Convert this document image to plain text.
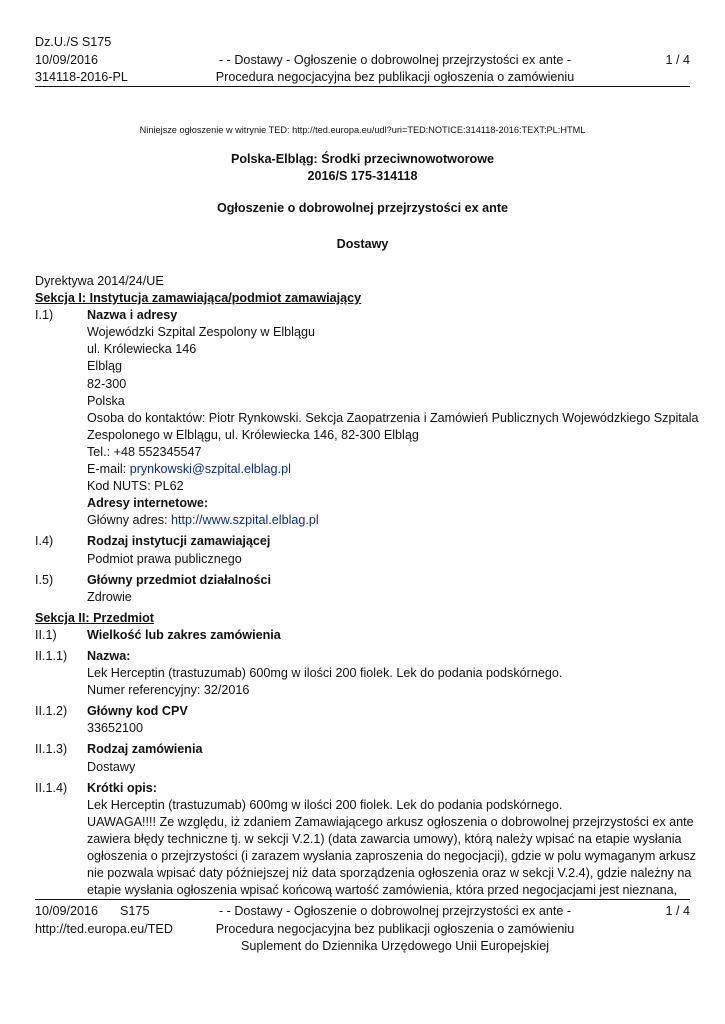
Dz.U./S S175
10/09/2016
314118-2016-PL
- - Dostawy - Ogłoszenie o dobrowolnej przejrzystości ex ante -
Procedura negocjacyjna bez publikacji ogłoszenia o zamówieniu
1 / 4
Niniejsze ogłoszenie w witrynie TED: http://ted.europa.eu/udl?uri=TED:NOTICE:314118-2016:TEXT:PL:HTML
Polska-Elbląg: Środki przeciwnowotworowe
2016/S 175-314118
Ogłoszenie o dobrowolnej przejrzystości ex ante
Dostawy
Dyrektywa 2014/24/UE
Sekcja I: Instytucja zamawiająca/podmiot zamawiający
I.1)	Nazwa i adresy
Wojewódzki Szpital Zespolony w Elblągu
ul. Królewiecka 146
Elbląg
82-300
Polska
Osoba do kontaktów: Piotr Rynkowski. Sekcja Zaopatrzenia i Zamówień Publicznych Wojewódzkiego Szpitala
Zespolonego w Elblągu, ul. Królewiecka 146, 82-300 Elbląg
Tel.: +48 552345547
E-mail: prynkowski@szpital.elblag.pl
Kod NUTS: PL62
Adresy internetowe:
Główny adres: http://www.szpital.elblag.pl
I.4)	Rodzaj instytucji zamawiającej
Podmiot prawa publicznego
I.5)	Główny przedmiot działalności
Zdrowie
Sekcja II: Przedmiot
II.1)	Wielkość lub zakres zamówienia
II.1.1)	Nazwa:
Lek Herceptin (trastuzumab) 600mg w ilości 200 fiolek. Lek do podania podskórnego.
Numer referencyjny: 32/2016
II.1.2)	Główny kod CPV
33652100
II.1.3)	Rodzaj zamówienia
Dostawy
II.1.4)	Krótki opis:
Lek Herceptin (trastuzumab) 600mg w ilości 200 fiolek. Lek do podania podskórnego.
UAWAGA!!!! Ze względu, iż zdaniem Zamawiającego arkusz ogłoszenia o dobrowolnej przejrzystości ex ante
zawiera błędy techniczne tj. w sekcji V.2.1) (data zawarcia umowy), którą należy wpisać na etapie wysłania
ogłoszenia o przejrzystości (i zarazem wysłania zaproszenia do negocjacji), gdzie w polu wymaganym arkusz
nie pozwala wpisać daty późniejszej niż data sporządzenia ogłoszenia oraz w sekcji V.2.4), gdzie należny na
etapie wysłania ogłoszenia wpisać końcową wartość zamówienia, która przed negocjacjami jest nieznana,
10/09/2016 S175
http://ted.europa.eu/TED
- - Dostawy - Ogłoszenie o dobrowolnej przejrzystości ex ante -
Procedura negocjacyjna bez publikacji ogłoszenia o zamówieniu
Suplement do Dziennika Urzędowego Unii Europejskiej
1 / 4
